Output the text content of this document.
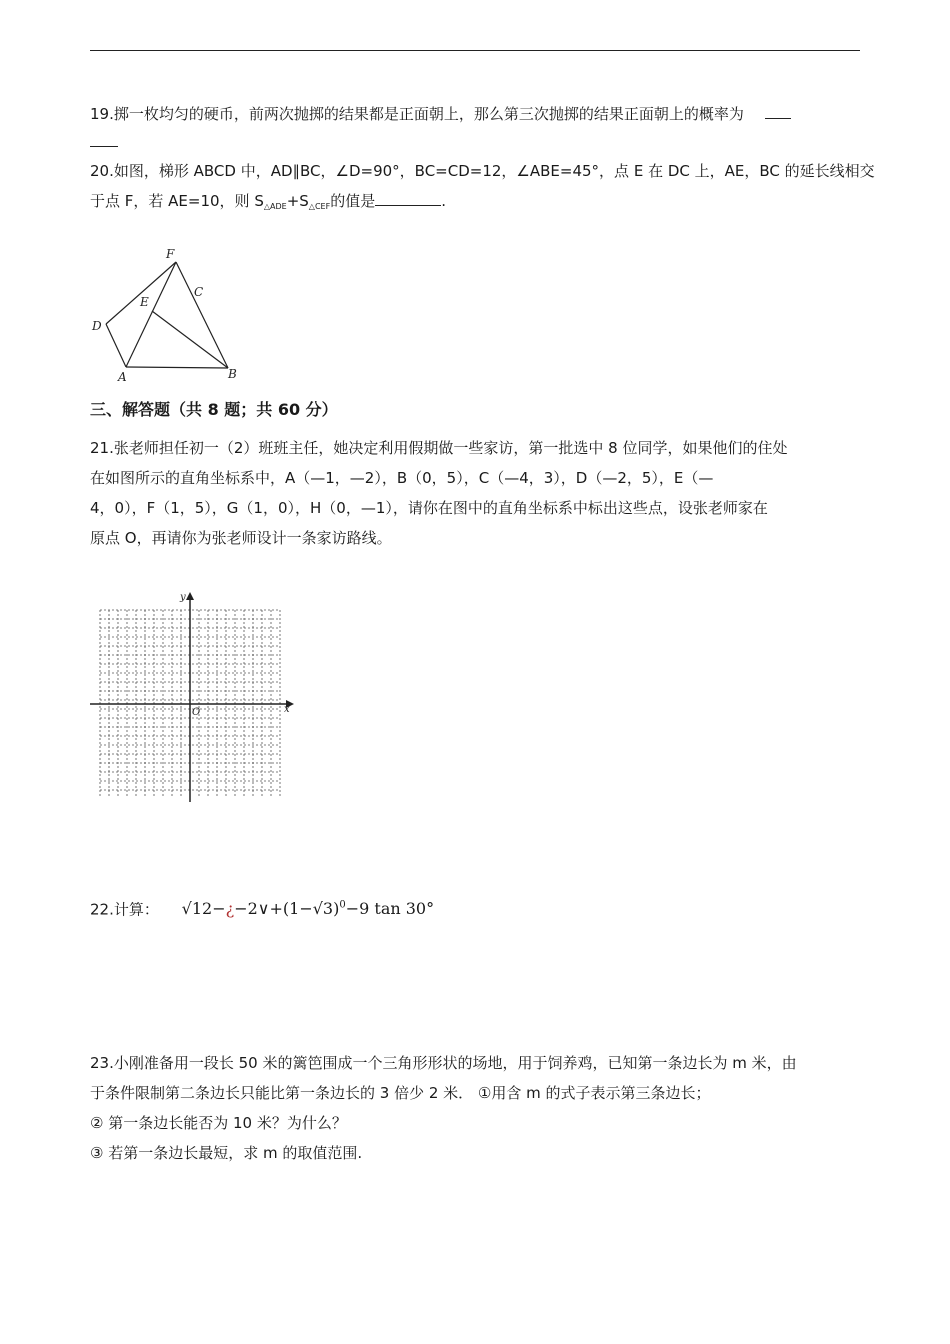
19.掷一枚均匀的硬币，前两次抛掷的结果都是正面朝上，那么第三次抛掷的结果正面朝上的概率为
20.如图，梯形 ABCD 中，AD∥BC，∠D=90°，BC=CD=12，∠ABE=45°，点 E 在 DC 上，AE，BC 的延长线相交
于点 F，若 AE=10，则 $S_{\triangle ADE}+S_{\triangle CEF}$的值是	.
F
C
E
D
A	B
三、解答题（共 8 题；共 60 分）
21.张老师担任初一（2）班班主任，她决定利用假期做一些家访，第一批选中 8 位同学，如果他们的住处
在如图所示的直角坐标系中，A（—1，—2），B（0，5），C（—4，3），D（—2，5），E（—
4，0），F（1，5），G（1，0），H（0，—1），请你在图中的直角坐标系中标出这些点，设张老师家在
原点 O，再请你为张老师设计一条家访路线。
y
x
O
22.计算： $√12-¿-2\vee+(1-√3)^0-9$ tan 30°
23.小刚准备用一段长 50 米的篱笆围成一个三角形形状的场地，用于饲养鸡，已知第一条边长为 m 米，由
于条件限制第二条边长只能比第一条边长的 3 倍少 2 米． ①用含 m 的式子表示第三条边长；
② 第一条边长能否为 10 米？为什么？
③ 若第一条边长最短，求 m 的取值范围.
